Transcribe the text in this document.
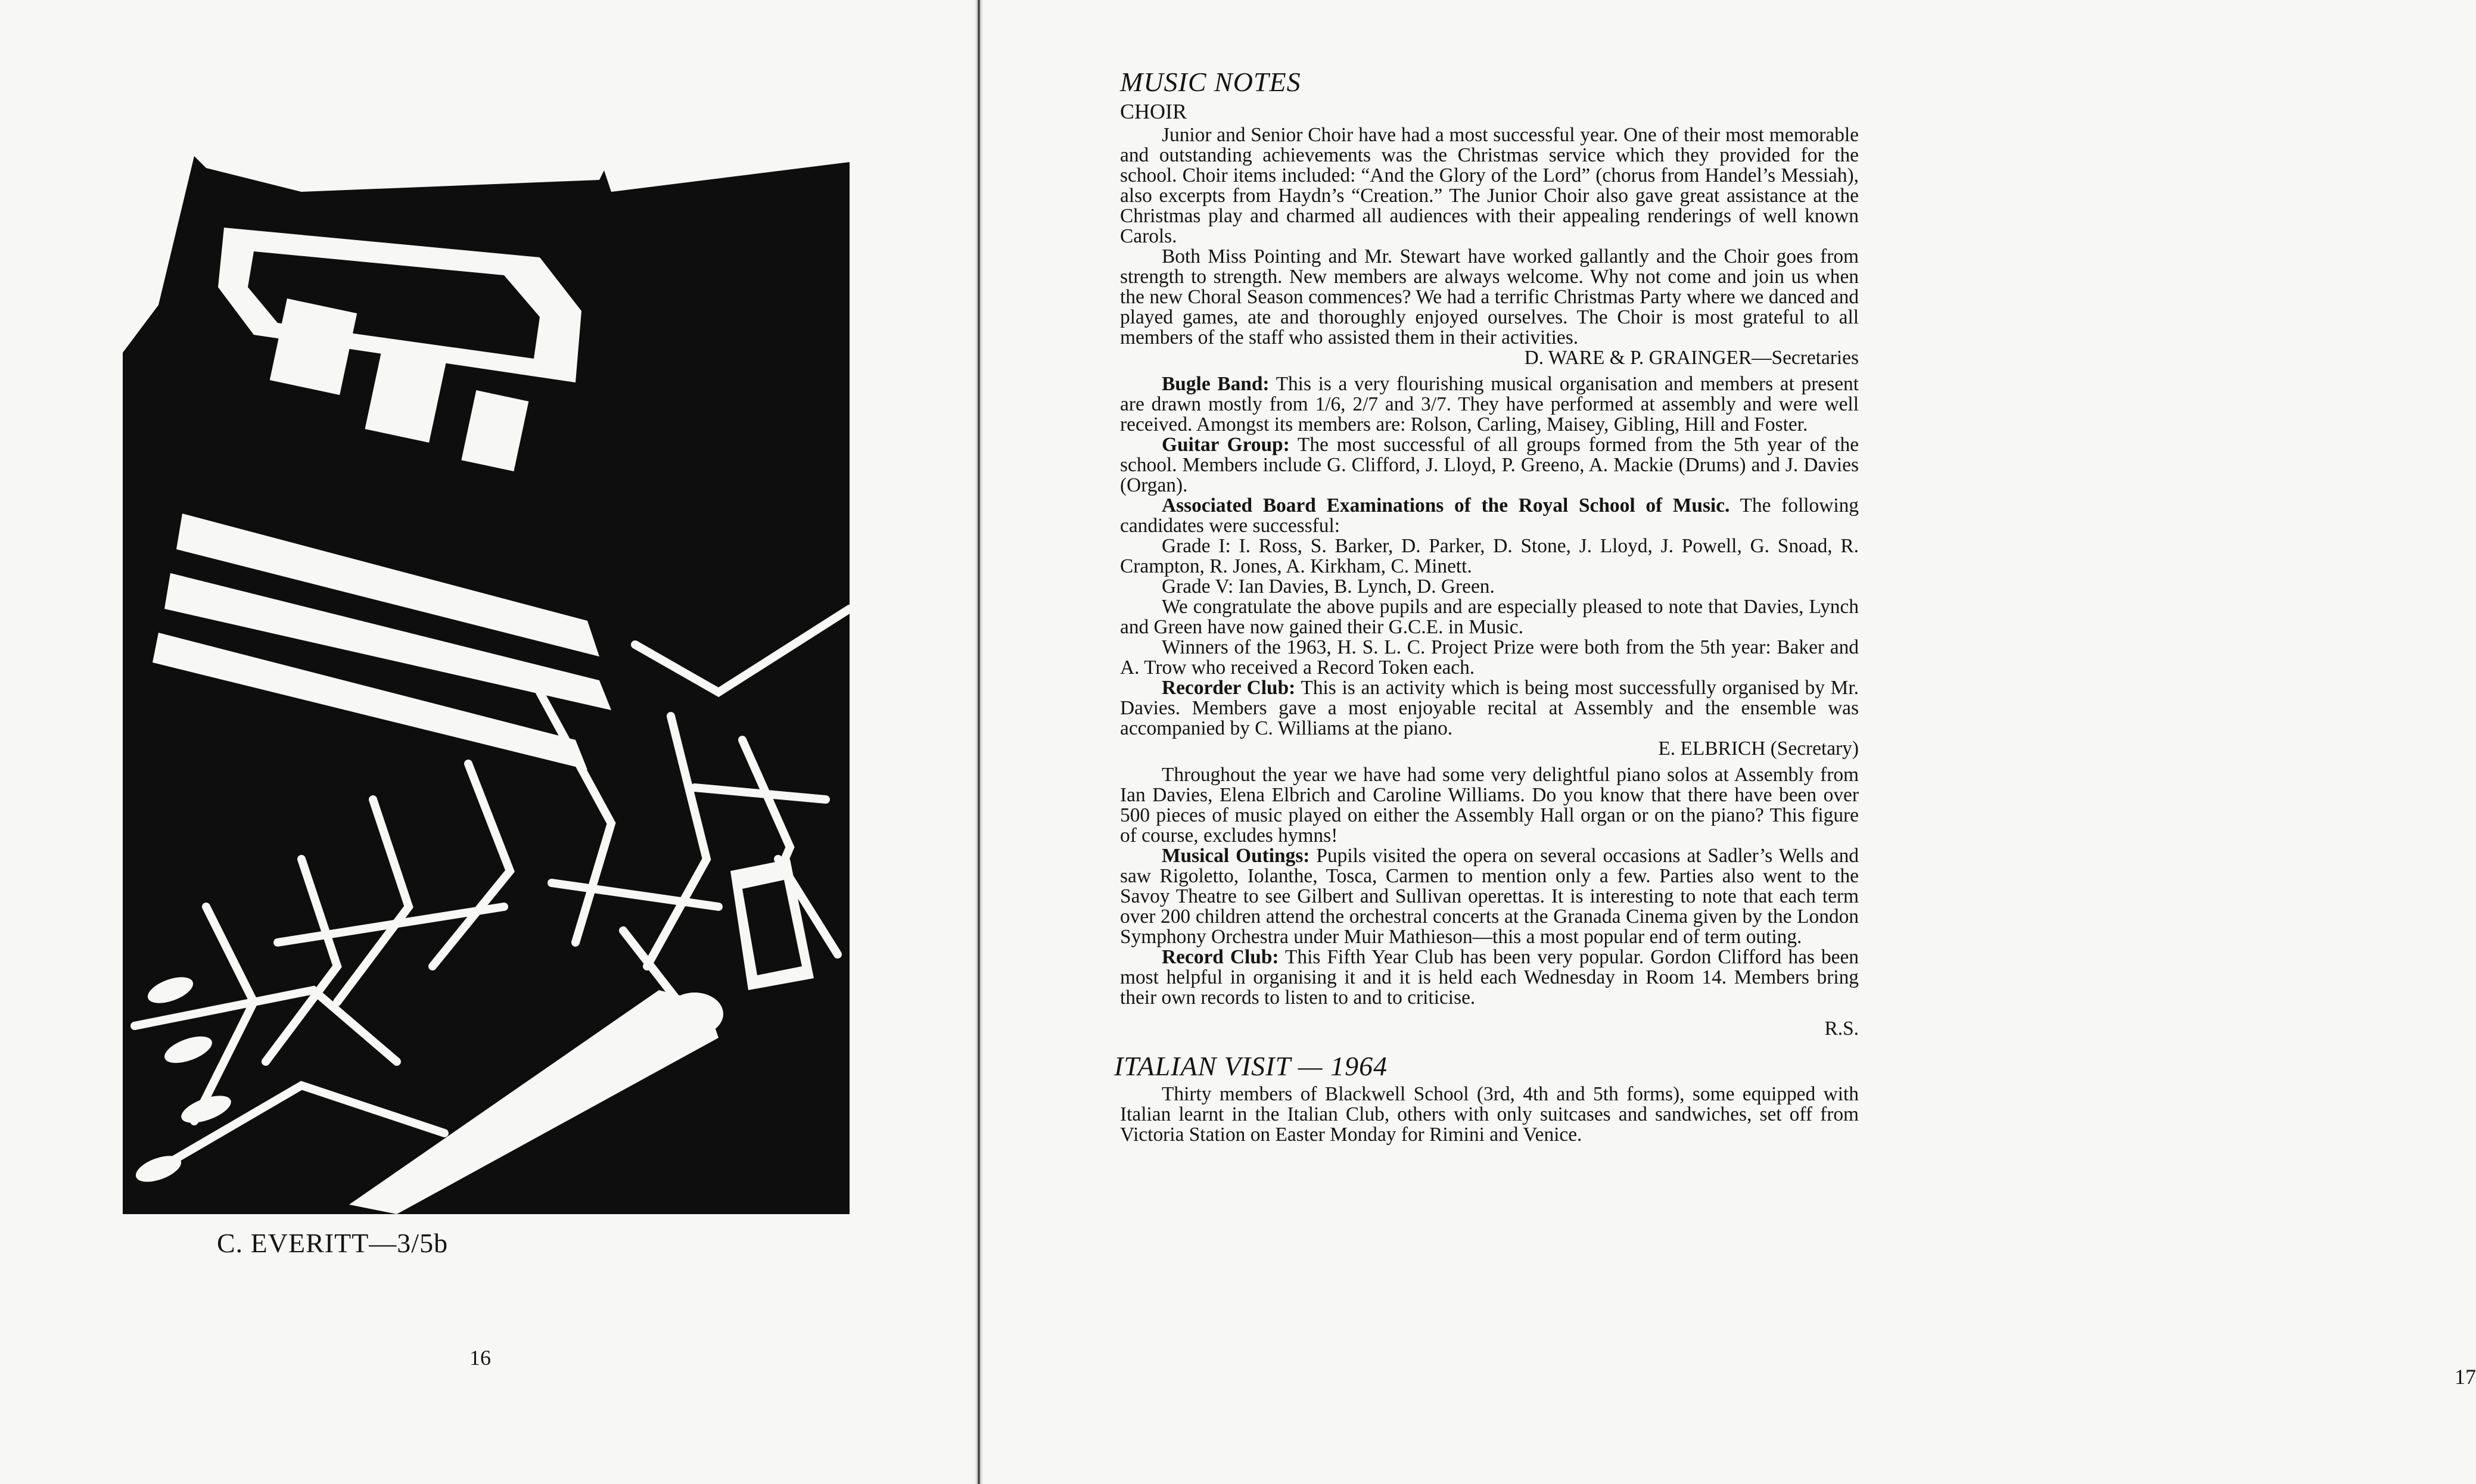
C. EVERITT—3/5b
16
MUSIC NOTES
CHOIR

Junior and Senior Choir have had a most successful year. One of their most memorable and outstanding achievements was the Christmas service which they provided for the school. Choir items included: “And the Glory of the Lord” (chorus from Handel’s Messiah), also excerpts from Haydn’s “Creation.” The Junior Choir also gave great assistance at the Christmas play and charmed all audiences with their appealing renderings of well known Carols.

Both Miss Pointing and Mr. Stewart have worked gallantly and the Choir goes from strength to strength. New members are always welcome. Why not come and join us when the new Choral Season commences? We had a terrific Christmas Party where we danced and played games, ate and thoroughly enjoyed ourselves. The Choir is most grateful to all members of the staff who assisted them in their activities.

D. WARE & P. GRAINGER—Secretaries

Bugle Band: This is a very flourishing musical organisation and members at present are drawn mostly from 1/6, 2/7 and 3/7. They have performed at assembly and were well received. Amongst its members are: Rolson, Carling, Maisey, Gibling, Hill and Foster.

Guitar Group: The most successful of all groups formed from the 5th year of the school. Members include G. Clifford, J. Lloyd, P. Greeno, A. Mackie (Drums) and J. Davies (Organ).

Associated Board Examinations of the Royal School of Music. The following candidates were successful:

Grade I: I. Ross, S. Barker, D. Parker, D. Stone, J. Lloyd, J. Powell, G. Snoad, R. Crampton, R. Jones, A. Kirkham, C. Minett.

Grade V: Ian Davies, B. Lynch, D. Green.

We congratulate the above pupils and are especially pleased to note that Davies, Lynch and Green have now gained their G.C.E. in Music.

Winners of the 1963, H. S. L. C. Project Prize were both from the 5th year: Baker and A. Trow who received a Record Token each.

Recorder Club: This is an activity which is being most successfully organised by Mr. Davies. Members gave a most enjoyable recital at Assembly and the ensemble was accompanied by C. Williams at the piano.

E. ELBRICH (Secretary)

Throughout the year we have had some very delightful piano solos at Assembly from Ian Davies, Elena Elbrich and Caroline Williams. Do you know that there have been over 500 pieces of music played on either the Assembly Hall organ or on the piano? This figure of course, excludes hymns!

Musical Outings: Pupils visited the opera on several occasions at Sadler’s Wells and saw Rigoletto, Iolanthe, Tosca, Carmen to mention only a few. Parties also went to the Savoy Theatre to see Gilbert and Sullivan operettas. It is interesting to note that each term over 200 children attend the orchestral concerts at the Granada Cinema given by the London Symphony Orchestra under Muir Mathieson—this a most popular end of term outing.

Record Club: This Fifth Year Club has been very popular. Gordon Clifford has been most helpful in organising it and it is held each Wednesday in Room 14. Members bring their own records to listen to and to criticise.

R.S.

ITALIAN VISIT — 1964

Thirty members of Blackwell School (3rd, 4th and 5th forms), some equipped with Italian learnt in the Italian Club, others with only suitcases and sandwiches, set off from Victoria Station on Easter Monday for Rimini and Venice.

17
